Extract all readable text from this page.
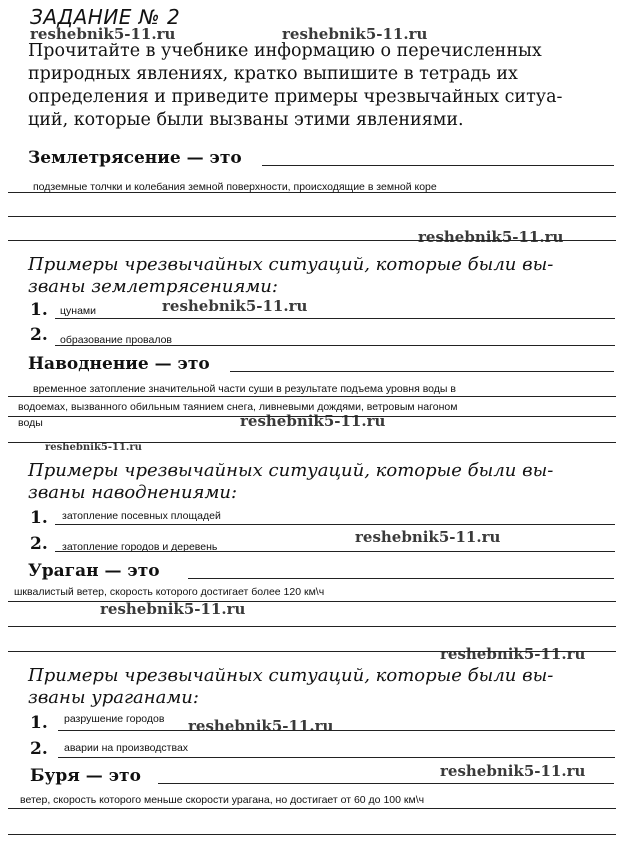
ЗАДАНИЕ № 2
reshebnik5-11.ru	reshebnik5-11.ru
reshebnik5-11.ru
reshebnik5-11.ru
reshebnik5-11.ru
reshebnik5-11.ru
reshebnik5-11.ru
reshebnik5-11.ru
reshebnik5-11.ru
reshebnik5-11.ru
reshebnik5-11.ru
Прочитайте в учебнике информацию о перечисленных
природных явлениях, кратко выпишите в тетрадь их
определения и приведите примеры чрезвычайных ситуа-
ций, которые были вызваны этими явлениями.
Землетрясение — это
подземные толчки и колебания земной поверхности, происходящие в земной коре
Примеры чрезвычайных ситуаций, которые были вы-
званы землетрясениями:
1. цунами
2. образование провалов
Наводнение — это
временное затопление значительной части суши в результате подъема уровня воды в
водоемах, вызванного обильным таянием снега, ливневыми дождями, ветровым нагоном
воды
Примеры чрезвычайных ситуаций, которые были вы-
званы наводнениями:
1. затопление посевных площадей
2. затопление городов и деревень
Ураган — это
шквалистый ветер, скорость которого достигает более 120 км\ч
Примеры чрезвычайных ситуаций, которые были вы-
званы ураганами:
1. разрушение городов
2. аварии на производствах
Буря — это
ветер, скорость которого меньше скорости урагана, но достигает от 60 до 100 км\ч
